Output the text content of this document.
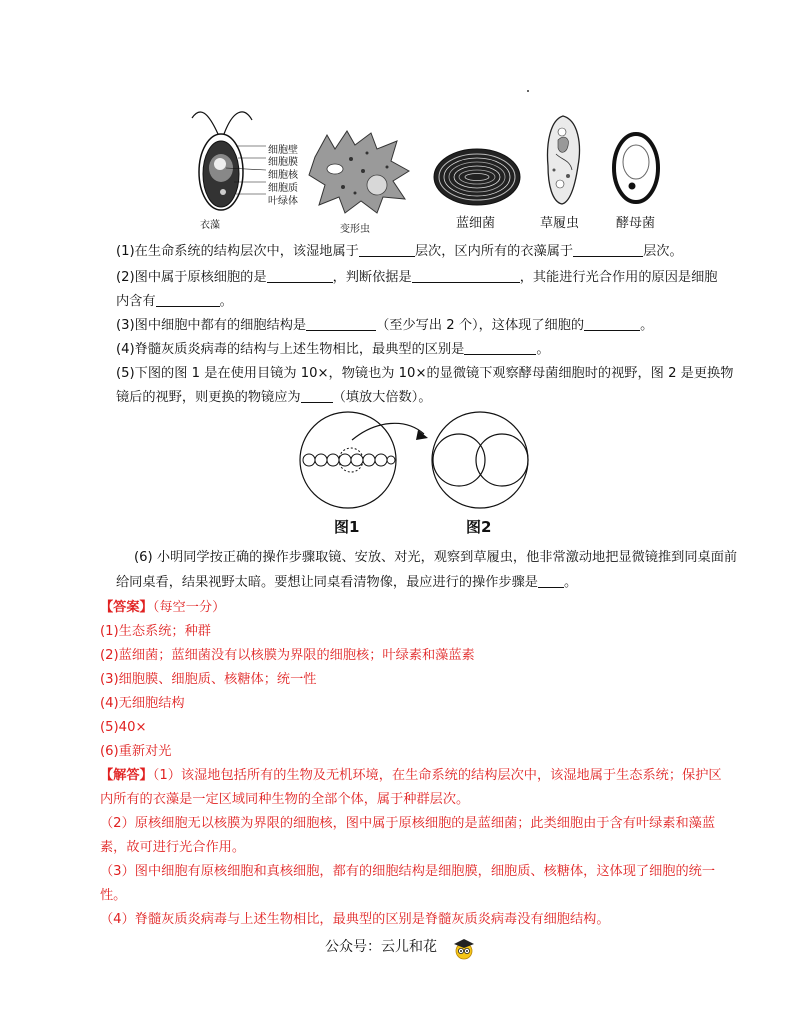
细胞壁
细胞膜
细胞核
细胞质
叶绿体
衣藻	变形虫	蓝细菌	草履虫	酵母菌
(1)在生命系统的结构层次中，该湿地属于	层次，区内所有的衣藻属于	层次。
(2)图中属于原核细胞的是	，判断依据是	，其能进行光合作用的原因是细胞
内含有	。
(3)图中细胞中都有的细胞结构是	（至少写出 2 个），这体现了细胞的	。
(4)脊髓灰质炎病毒的结构与上述生物相比，最典型的区别是	。
(5)下图的图 1 是在使用目镜为 10×，物镜也为 10×的显微镜下观察酵母菌细胞时的视野，图 2 是更换物
镜后的视野，则更换的物镜应为 （填放大倍数）。
图1	图2
(6) 小明同学按正确的操作步骤取镜、安放、对光，观察到草履虫，他非常激动地把显微镜推到同桌面前
给同桌看，结果视野太暗。要想让同桌看清物像，最应进行的操作步骤是 。
【答案】（每空一分）
(1)生态系统；种群
(2)蓝细菌；蓝细菌没有以核膜为界限的细胞核；叶绿素和藻蓝素
(3)细胞膜、细胞质、核糖体；统一性
(4)无细胞结构
(5)40×
(6)重新对光
【解答】（1）该湿地包括所有的生物及无机环境，在生命系统的结构层次中，该湿地属于生态系统；保护区
内所有的衣藻是一定区域同种生物的全部个体，属于种群层次。
（2）原核细胞无以核膜为界限的细胞核，图中属于原核细胞的是蓝细菌；此类细胞由于含有叶绿素和藻蓝
素，故可进行光合作用。
（3）图中细胞有原核细胞和真核细胞，都有的细胞结构是细胞膜，细胞质、核糖体，这体现了细胞的统一
性。
（4）脊髓灰质炎病毒与上述生物相比，最典型的区别是脊髓灰质炎病毒没有细胞结构。
公众号：云儿和花
